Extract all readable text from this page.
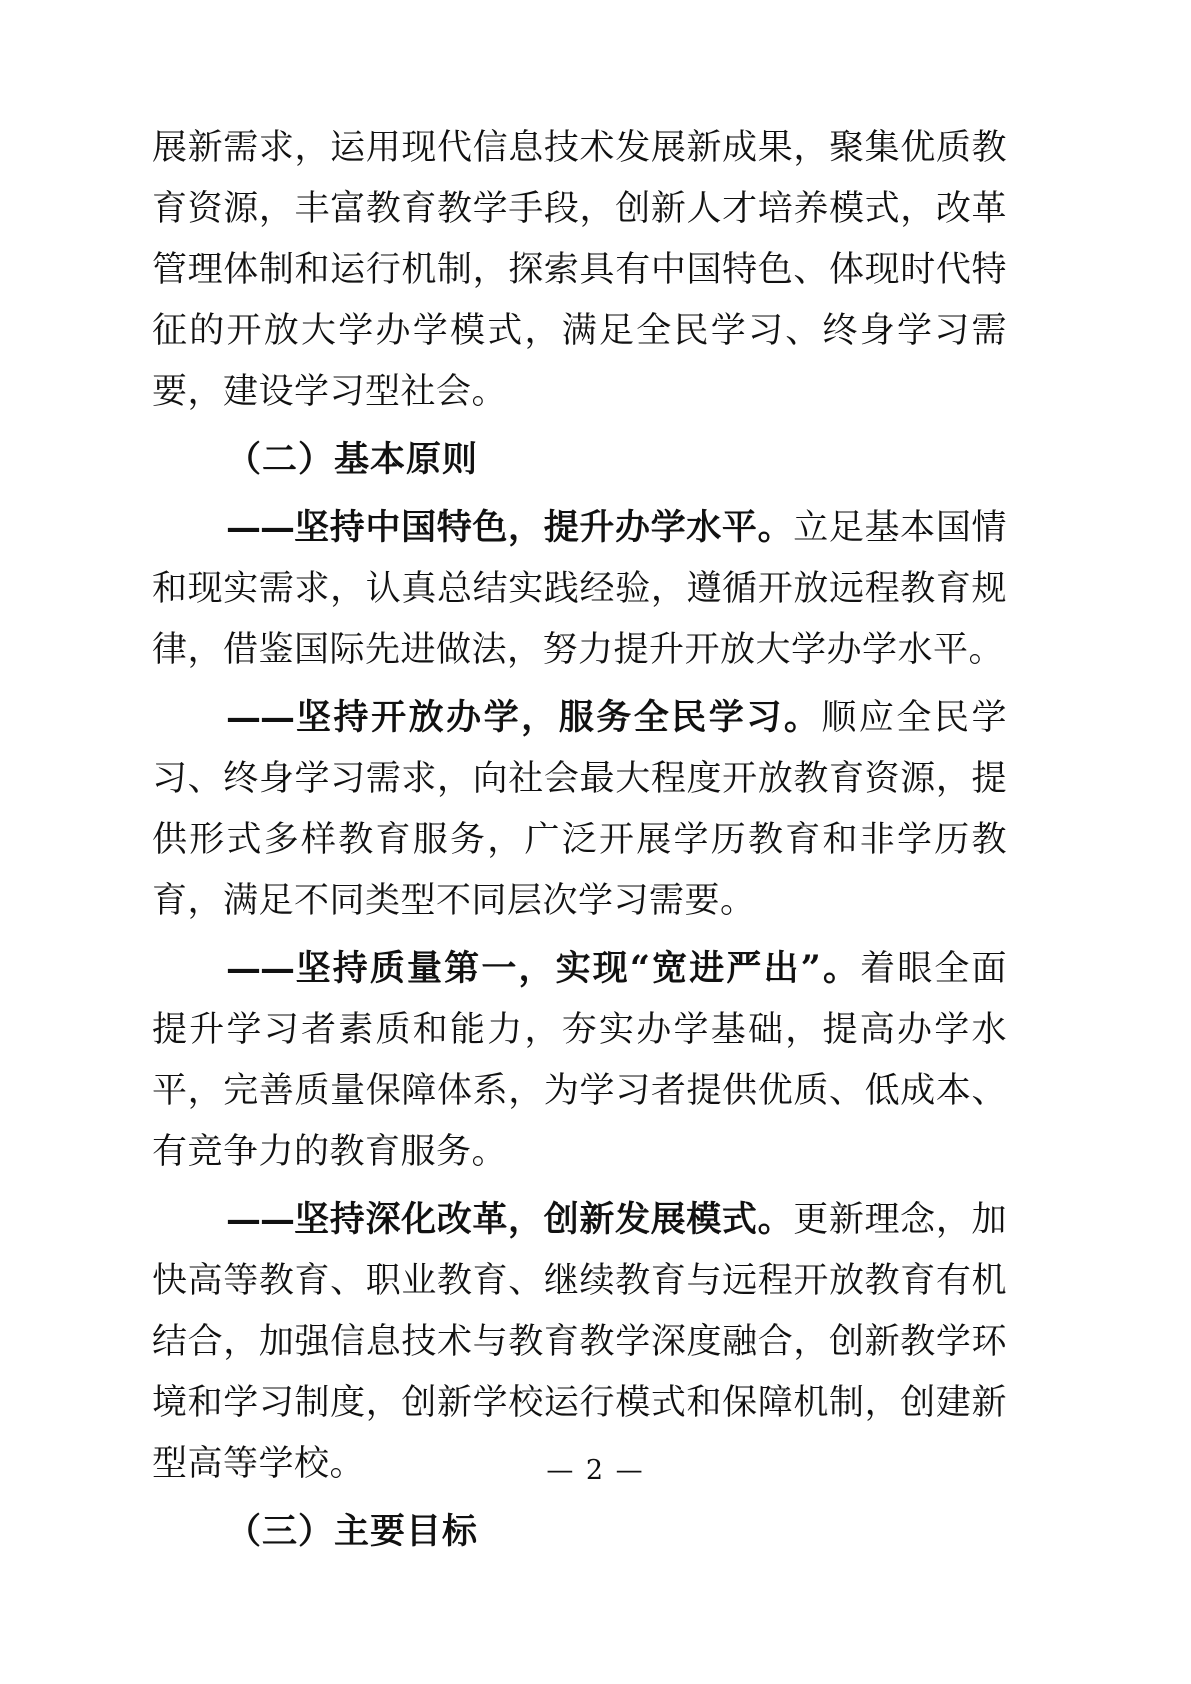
展新需求，运用现代信息技术发展新成果，聚集优质教育资源，丰富教育教学手段，创新人才培养模式，改革管理体制和运行机制，探索具有中国特色、体现时代特征的开放大学办学模式，满足全民学习、终身学习需要，建设学习型社会。

（二）基本原则

——坚持中国特色，提升办学水平。立足基本国情和现实需求，认真总结实践经验，遵循开放远程教育规律，借鉴国际先进做法，努力提升开放大学办学水平。

——坚持开放办学，服务全民学习。顺应全民学习、终身学习需求，向社会最大程度开放教育资源，提供形式多样教育服务，广泛开展学历教育和非学历教育，满足不同类型不同层次学习需要。

——坚持质量第一，实现“宽进严出”。着眼全面提升学习者素质和能力，夯实办学基础，提高办学水平，完善质量保障体系，为学习者提供优质、低成本、有竞争力的教育服务。

——坚持深化改革，创新发展模式。更新理念，加快高等教育、职业教育、继续教育与远程开放教育有机结合，加强信息技术与教育教学深度融合，创新教学环境和学习制度，创新学校运行模式和保障机制，创建新型高等学校。

（三）主要目标

— 2 —
